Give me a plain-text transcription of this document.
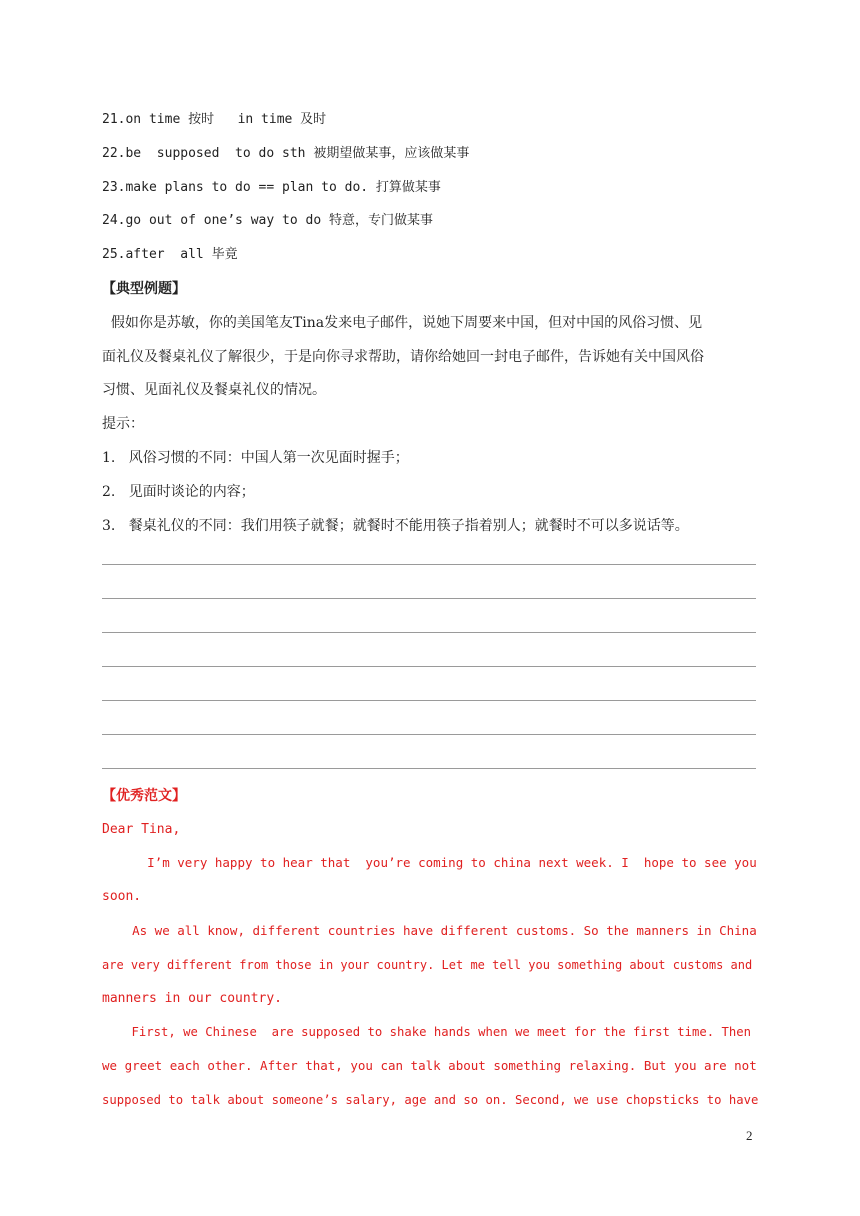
21.on time 按时   in time 及时
22.be  supposed  to do sth 被期望做某事，应该做某事
23.make plans to do == plan to do. 打算做某事
24.go out of one’s way to do 特意，专门做某事
25.after  all 毕竟
【典型例题】
假如你是苏敏，你的美国笔友Tina发来电子邮件，说她下周要来中国，但对中国的风俗习惯、见
面礼仪及餐桌礼仪了解很少，于是向你寻求帮助，请你给她回一封电子邮件，告诉她有关中国风俗
习惯、见面礼仪及餐桌礼仪的情况。
提示：
1.   风俗习惯的不同：中国人第一次见面时握手；
2.   见面时谈论的内容；
3.   餐桌礼仪的不同：我们用筷子就餐；就餐时不能用筷子指着别人；就餐时不可以多说话等。
【优秀范文】
Dear Tina,
I’m very happy to hear that  you’re coming to china next week. I  hope to see you
soon.
As we all know, different countries have different customs. So the manners in China
are very different from those in your country. Let me tell you something about customs and
manners in our country.
First, we Chinese  are supposed to shake hands when we meet for the first time. Then
we greet each other. After that, you can talk about something relaxing. But you are not
supposed to talk about someone’s salary, age and so on. Second, we use chopsticks to have
2
